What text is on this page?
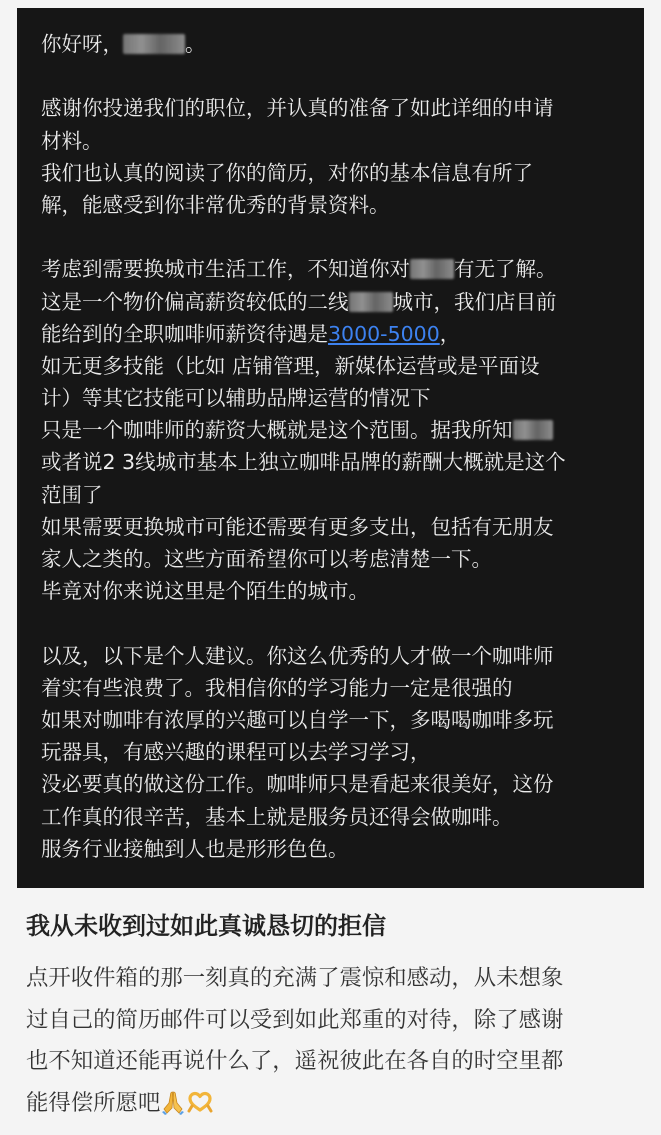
你好呀，	。
感谢你投递我们的职位，并认真的准备了如此详细的申请
材料。
我们也认真的阅读了你的简历，对你的基本信息有所了
解，能感受到你非常优秀的背景资料。
考虑到需要换城市生活工作，不知道你对 有无了解。
这是一个物价偏高薪资较低的二线 城市，我们店目前
能给到的全职咖啡师薪资待遇是3000-5000，
如无更多技能（比如 店铺管理，新媒体运营或是平面设
计）等其它技能可以辅助品牌运营的情况下
只是一个咖啡师的薪资大概就是这个范围。据我所知
或者说2 3线城市基本上独立咖啡品牌的薪酬大概就是这个
范围了
如果需要更换城市可能还需要有更多支出，包括有无朋友
家人之类的。这些方面希望你可以考虑清楚一下。
毕竟对你来说这里是个陌生的城市。
以及，以下是个人建议。你这么优秀的人才做一个咖啡师
着实有些浪费了。我相信你的学习能力一定是很强的
如果对咖啡有浓厚的兴趣可以自学一下，多喝喝咖啡多玩
玩器具，有感兴趣的课程可以去学习学习，
没必要真的做这份工作。咖啡师只是看起来很美好，这份
工作真的很辛苦，基本上就是服务员还得会做咖啡。
服务行业接触到人也是形形色色。
我从未收到过如此真诚恳切的拒信
点开收件箱的那一刻真的充满了震惊和感动，从未想象
过自己的简历邮件可以受到如此郑重的对待，除了感谢
也不知道还能再说什么了，遥祝彼此在各自的时空里都
能得偿所愿吧
